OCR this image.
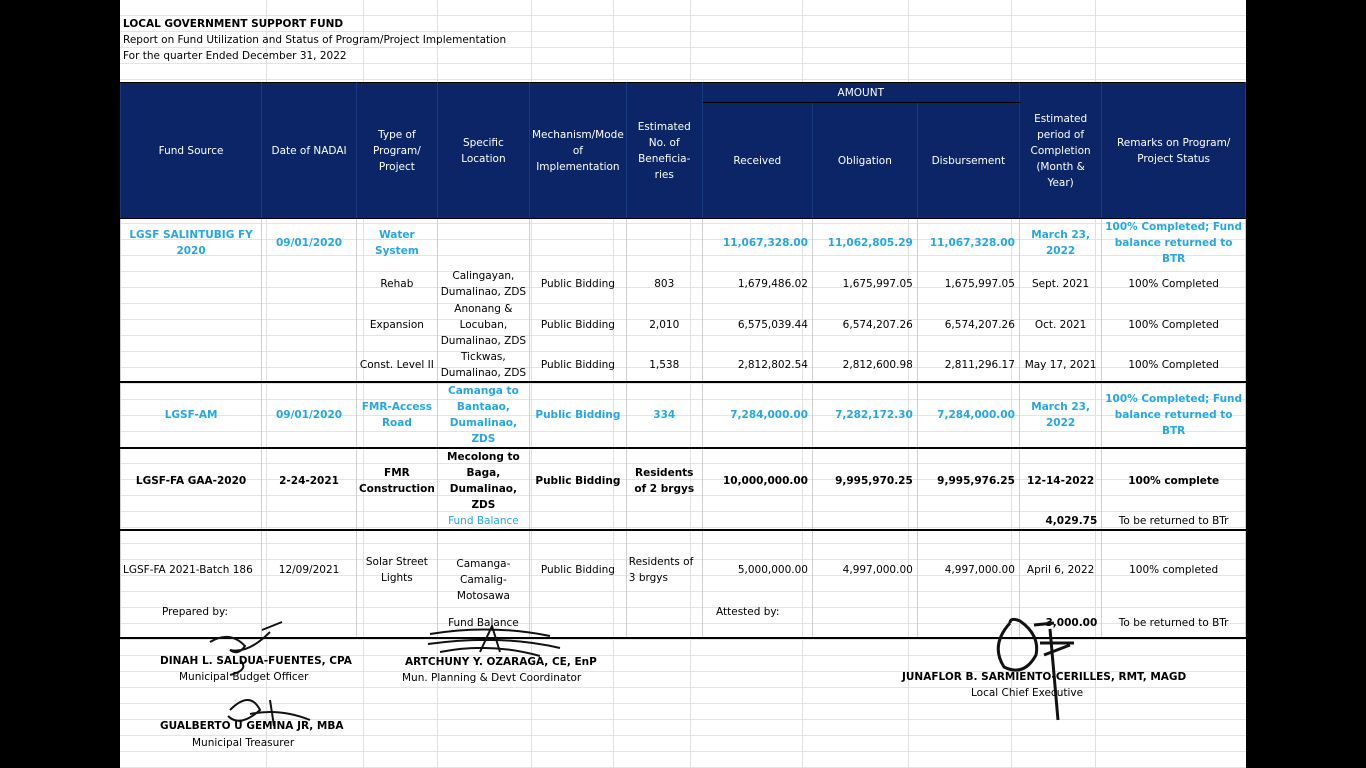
LOCAL GOVERNMENT SUPPORT FUND
Report on Fund Utilization and Status of Program/Project Implementation
For the quarter Ended December 31, 2022
Fund Source	Date of NADAI	Type of Program/ Project	Specific Location	Mechanism/Mode of Implementation	Estimated No. of Beneficia-ries	AMOUNT			Estimated period of Completion (Month & Year)	Remarks on Program/ Project Status
						Received	Obligation	Disbursement		
LGSF SALINTUBIG FY 2020	09/01/2020	Water System				11,067,328.00	11,062,805.29	11,067,328.00	March 23, 2022	100% Completed; Fund balance returned to BTR
		Rehab	Calingayan, Dumalinao, ZDS	Public Bidding	803	1,679,486.02	1,675,997.05	1,675,997.05	Sept. 2021	100% Completed
		Expansion	Anonang & Locuban, Dumalinao, ZDS	Public Bidding	2,010	6,575,039.44	6,574,207.26	6,574,207.26	Oct. 2021	100% Completed
		Const. Level II	Tickwas, Dumalinao, ZDS	Public Bidding	1,538	2,812,802.54	2,812,600.98	2,811,296.17	May 17, 2021	100% Completed
LGSF-AM	09/01/2020	FMR-Access Road	Camanga to Bantaao, Dumalinao, ZDS	Public Bidding	334	7,284,000.00	7,282,172.30	7,284,000.00	March 23, 2022	100% Completed; Fund balance returned to BTR
LGSF-FA GAA-2020	2-24-2021	FMR Construction	Mecolong to Baga, Dumalinao, ZDS	Public Bidding	Residents of 2 brgys	10,000,000.00	9,995,970.25	9,995,976.25	12-14-2022	100% complete
			Fund Balance						4,029.75	To be returned to BTr
LGSF-FA 2021-Batch 186	12/09/2021	Solar Street Lights	Camanga-Camalig-Motosawa	Public Bidding	Residents of 3 brgys	5,000,000.00	4,997,000.00	4,997,000.00	April 6, 2022	100% completed
			Fund Balance						3,000.00	To be returned to BTr
Prepared by:	Attested by:
DINAH L. SALDUA-FUENTES, CPA
Municipal Budget Officer
ARTCHUNY Y. OZARAGA, CE, EnP
Mun. Planning & Devt Coordinator
GUALBERTO U GEMINA JR, MBA
Municipal Treasurer
JUNAFLOR B. SARMIENTO-CERILLES, RMT, MAGD
Local Chief Executive
